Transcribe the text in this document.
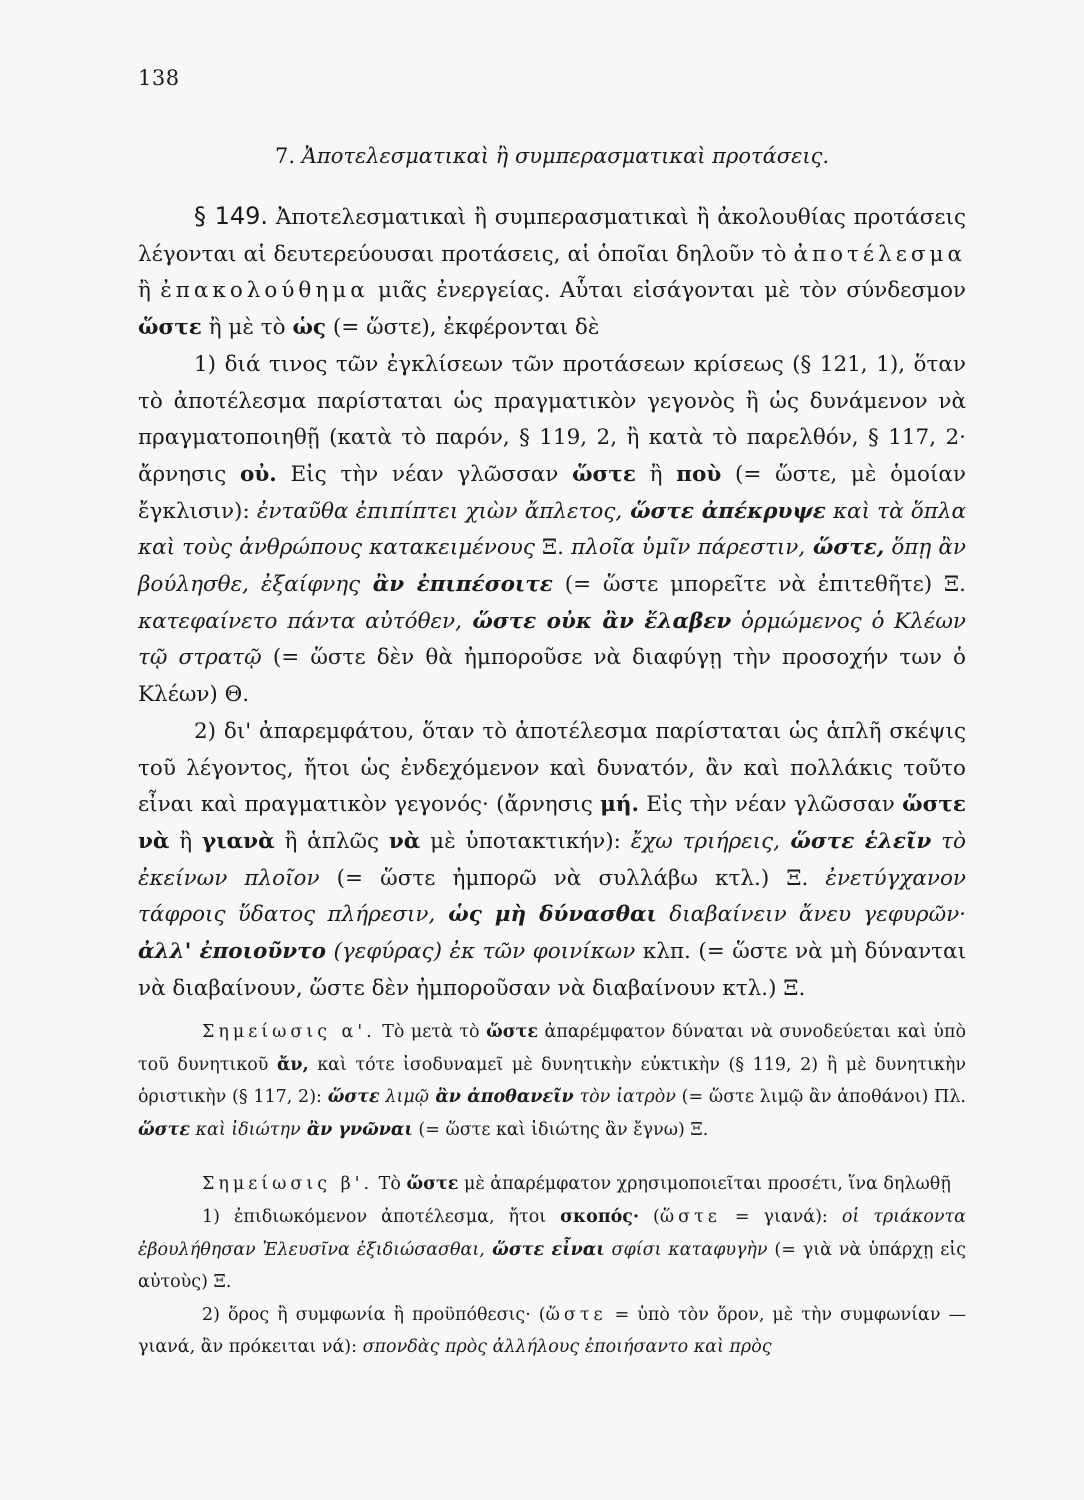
138
7. Ἀποτελεσματικαὶ ἢ συμπερασματικαὶ προτάσεις.

§ 149. Ἀποτελεσματικαὶ ἢ συμπερασματικαὶ ἢ ἀκολουθίας προτάσεις λέγονται αἱ δευτερεύουσαι προτάσεις, αἱ ὁποῖαι δηλοῦν τὸ ἀποτέλεσμα ἢ ἐπακολούθημα μιᾶς ἐνεργείας. Αὗται εἰσάγονται μὲ τὸν σύνδεσμον ὥστε ἢ μὲ τὸ ὡς (= ὥστε), ἐκφέρονται δὲ

1) διά τινος τῶν ἐγκλίσεων τῶν προτάσεων κρίσεως (§ 121, 1), ὅταν τὸ ἀποτέλεσμα παρίσταται ὡς πραγματικὸν γεγονὸς ἢ ὡς δυνάμενον νὰ πραγματοποιηθῇ (κατὰ τὸ παρόν, § 119, 2, ἢ κατὰ τὸ παρελθόν, § 117, 2· ἄρνησις οὐ. Εἰς τὴν νέαν γλῶσσαν ὥστε ἢ ποὺ (= ὥστε, μὲ ὁμοίαν ἔγκλισιν): ἐνταῦθα ἐπιπίπτει χιὼν ἄπλετος, ὥστε ἀπέκρυψε καὶ τὰ ὅπλα καὶ τοὺς ἀνθρώπους κατακειμένους Ξ. πλοῖα ὑμῖν πάρεστιν, ὥστε, ὅπῃ ἂν βούλησθε, ἐξαίφνης ἂν ἐπιπέσοιτε (= ὥστε μπορεῖτε νὰ ἐπιτεθῆτε) Ξ. κατεφαίνετο πάντα αὐτόθεν, ὥστε οὐκ ἂν ἔλαβεν ὁρμώμενος ὁ Κλέων τῷ στρατῷ (= ὥστε δὲν θὰ ἠμποροῦσε νὰ διαφύγῃ τὴν προσοχήν των ὁ Κλέων) Θ.

2) δι' ἀπαρεμφάτου, ὅταν τὸ ἀποτέλεσμα παρίσταται ὡς ἁπλῆ σκέψις τοῦ λέγοντος, ἤτοι ὡς ἐνδεχόμενον καὶ δυνατόν, ἂν καὶ πολλάκις τοῦτο εἶναι καὶ πραγματικὸν γεγονός· (ἄρνησις μή. Εἰς τὴν νέαν γλῶσσαν ὥστε νὰ ἢ γιανὰ ἢ ἁπλῶς νὰ μὲ ὑποτακτικήν): ἔχω τριήρεις, ὥστε ἑλεῖν τὸ ἐκείνων πλοῖον (= ὥστε ἠμπορῶ νὰ συλλάβω κτλ.) Ξ. ἐνετύγχανον τάφροις ὕδατος πλήρεσιν, ὡς μὴ δύνασθαι διαβαίνειν ἄνευ γεφυρῶν· ἀλλ' ἐποιοῦντο (γεφύρας) ἐκ τῶν φοινίκων κλπ. (= ὥστε νὰ μὴ δύνανται νὰ διαβαίνουν, ὥστε δὲν ἠμποροῦσαν νὰ διαβαίνουν κτλ.) Ξ.

Σημείωσις α'. Τὸ μετὰ τὸ ὥστε ἀπαρέμφατον δύναται νὰ συνοδεύεται καὶ ὑπὸ τοῦ δυνητικοῦ ἄν, καὶ τότε ἰσοδυναμεῖ μὲ δυνητικὴν εὐκτικὴν (§ 119, 2) ἢ μὲ δυνητικὴν ὁριστικὴν (§ 117, 2): ὥστε λιμῷ ἂν ἀποθανεῖν τὸν ἰατρὸν (= ὥστε λιμῷ ἂν ἀποθάνοι) Πλ. ὥστε καὶ ἰδιώτην ἂν γνῶναι (= ὥστε καὶ ἰδιώτης ἂν ἔγνω) Ξ.

Σημείωσις β'. Τὸ ὥστε μὲ ἀπαρέμφατον χρησιμοποιεῖται προσέτι, ἵνα δηλωθῇ

1) ἐπιδιωκόμενον ἀποτέλεσμα, ἤτοι σκοπός· (ὥστε = γιανά): οἱ τριάκοντα ἐβουλήθησαν Ἐλευσῖνα ἐξιδιώσασθαι, ὥστε εἶναι σφίσι καταφυγὴν (= γιὰ νὰ ὑπάρχῃ εἰς αὐτοὺς) Ξ.

2) ὅρος ἢ συμφωνία ἢ προϋπόθεσις· (ὥστε = ὑπὸ τὸν ὅρον, μὲ τὴν συμφωνίαν — γιανά, ἂν πρόκειται νά): σπονδὰς πρὸς ἀλλήλους ἐποιήσαντο καὶ πρὸς
